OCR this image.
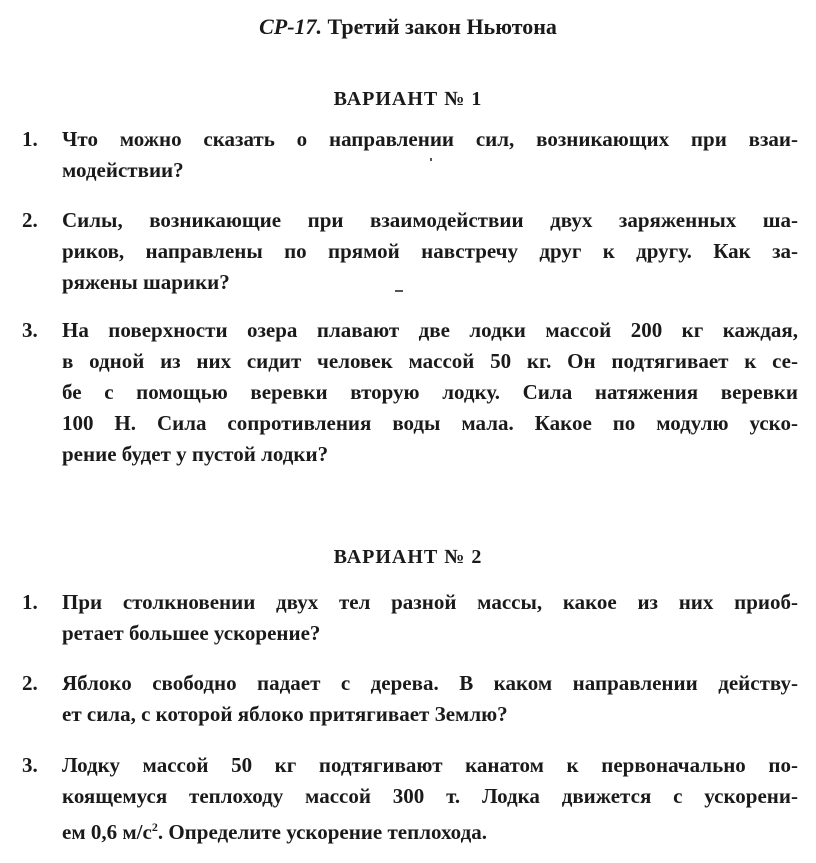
СР-17. Третий закон Ньютона
ВАРИАНТ № 1
1.	Что можно сказать о направлении сил, возникающих при взаи-
модействии?
2.	Силы, возникающие при взаимодействии двух заряженных ша-
риков, направлены по прямой навстречу друг к другу. Как за-
ряжены шарики?
3.	На поверхности озера плавают две лодки массой 200 кг каждая,
в одной из них сидит человек массой 50 кг. Он подтягивает к се-
бе с помощью веревки вторую лодку. Сила натяжения веревки
100 Н. Сила сопротивления воды мала. Какое по модулю уско-
рение будет у пустой лодки?
ВАРИАНТ № 2
1.	При столкновении двух тел разной массы, какое из них приоб-
ретает большее ускорение?
2.	Яблоко свободно падает с дерева. В каком направлении действу-
ет сила, с которой яблоко притягивает Землю?
3.	Лодку массой 50 кг подтягивают канатом к первоначально по-
коящемуся теплоходу массой 300 т. Лодка движется с ускорени-
ем 0,6 $м/с^2$. Определите ускорение теплохода.
